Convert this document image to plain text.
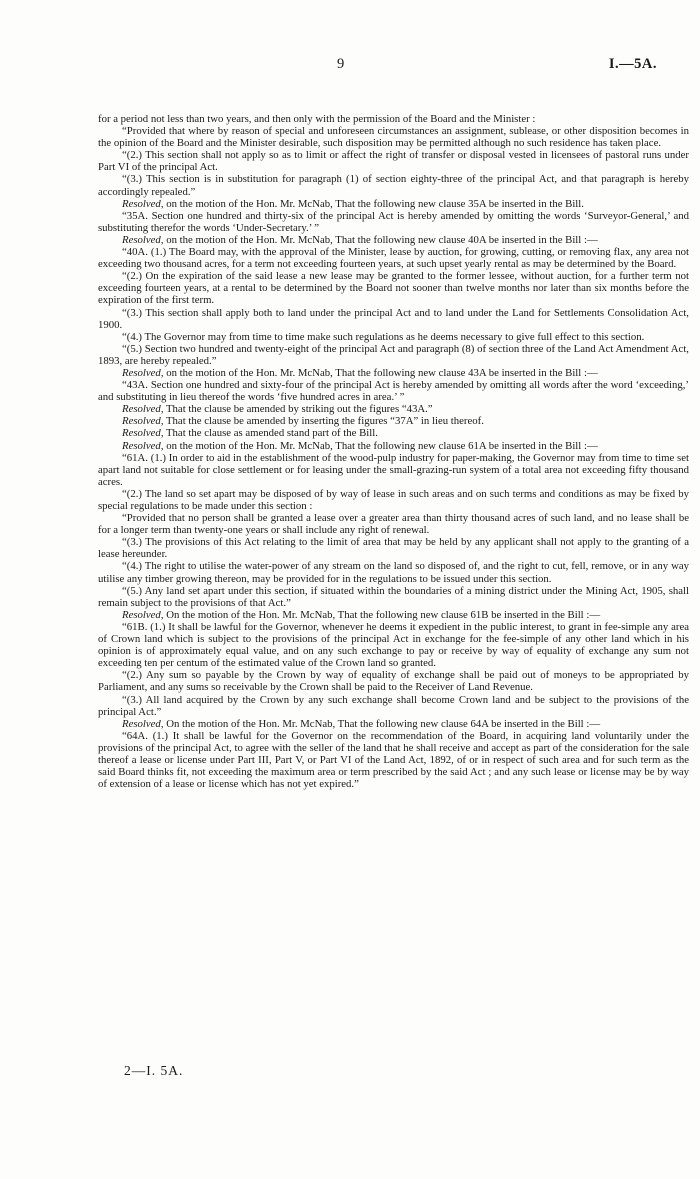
9	I.—5A.

for a period not less than two years, and then only with the permission of the Board and the Minister :

“Provided that where by reason of special and unforeseen circumstances an assignment, sublease, or other disposition becomes in the opinion of the Board and the Minister desirable, such disposition may be permitted although no such residence has taken place.

“(2.) This section shall not apply so as to limit or affect the right of transfer or disposal vested in licensees of pastoral runs under Part VI of the principal Act.

“(3.) This section is in substitution for paragraph (1) of section eighty-three of the principal Act, and that paragraph is hereby accordingly repealed.”

Resolved, on the motion of the Hon. Mr. McNab, That the following new clause 35A be inserted in the Bill.

“35A. Section one hundred and thirty-six of the principal Act is hereby amended by omitting the words ‘Surveyor-General,’ and substituting therefor the words ‘Under-Secretary.’ ”

Resolved, on the motion of the Hon. Mr. McNab, That the following new clause 40A be inserted in the Bill :—

“40A. (1.) The Board may, with the approval of the Minister, lease by auction, for growing, cutting, or removing flax, any area not exceeding two thousand acres, for a term not exceeding fourteen years, at such upset yearly rental as may be determined by the Board.

“(2.) On the expiration of the said lease a new lease may be granted to the former lessee, without auction, for a further term not exceeding fourteen years, at a rental to be determined by the Board not sooner than twelve months nor later than six months before the expiration of the first term.

“(3.) This section shall apply both to land under the principal Act and to land under the Land for Settlements Consolidation Act, 1900.

“(4.) The Governor may from time to time make such regulations as he deems necessary to give full effect to this section.

“(5.) Section two hundred and twenty-eight of the principal Act and paragraph (8) of section three of the Land Act Amendment Act, 1893, are hereby repealed.”

Resolved, on the motion of the Hon. Mr. McNab, That the following new clause 43A be inserted in the Bill :—

“43A. Section one hundred and sixty-four of the principal Act is hereby amended by omitting all words after the word ‘exceeding,’ and substituting in lieu thereof the words ‘five hundred acres in area.’ ”

Resolved, That the clause be amended by striking out the figures “43A.”

Resolved, That the clause be amended by inserting the figures “37A” in lieu thereof.

Resolved, That the clause as amended stand part of the Bill.

Resolved, on the motion of the Hon. Mr. McNab, That the following new clause 61A be inserted in the Bill :—

“61A. (1.) In order to aid in the establishment of the wood-pulp industry for paper-making, the Governor may from time to time set apart land not suitable for close settlement or for leasing under the small-grazing-run system of a total area not exceeding fifty thousand acres.

“(2.) The land so set apart may be disposed of by way of lease in such areas and on such terms and conditions as may be fixed by special regulations to be made under this section :

“Provided that no person shall be granted a lease over a greater area than thirty thousand acres of such land, and no lease shall be for a longer term than twenty-one years or shall include any right of renewal.

“(3.) The provisions of this Act relating to the limit of area that may be held by any applicant shall not apply to the granting of a lease hereunder.

“(4.) The right to utilise the water-power of any stream on the land so disposed of, and the right to cut, fell, remove, or in any way utilise any timber growing thereon, may be provided for in the regulations to be issued under this section.

“(5.) Any land set apart under this section, if situated within the boundaries of a mining district under the Mining Act, 1905, shall remain subject to the provisions of that Act.”

Resolved, On the motion of the Hon. Mr. McNab, That the following new clause 61B be inserted in the Bill :—

“61B. (1.) It shall be lawful for the Governor, whenever he deems it expedient in the public interest, to grant in fee-simple any area of Crown land which is subject to the provisions of the principal Act in exchange for the fee-simple of any other land which in his opinion is of approximately equal value, and on any such exchange to pay or receive by way of equality of exchange any sum not exceeding ten per centum of the estimated value of the Crown land so granted.

“(2.) Any sum so payable by the Crown by way of equality of exchange shall be paid out of moneys to be appropriated by Parliament, and any sums so receivable by the Crown shall be paid to the Receiver of Land Revenue.

“(3.) All land acquired by the Crown by any such exchange shall become Crown land and be subject to the provisions of the principal Act.”

Resolved, On the motion of the Hon. Mr. McNab, That the following new clause 64A be inserted in the Bill :—

“64A. (1.) It shall be lawful for the Governor on the recommendation of the Board, in acquiring land voluntarily under the provisions of the principal Act, to agree with the seller of the land that he shall receive and accept as part of the consideration for the sale thereof a lease or license under Part III, Part V, or Part VI of the Land Act, 1892, of or in respect of such area and for such term as the said Board thinks fit, not exceeding the maximum area or term prescribed by the said Act ; and any such lease or license may be by way of extension of a lease or license which has not yet expired.”

2—I. 5A.
